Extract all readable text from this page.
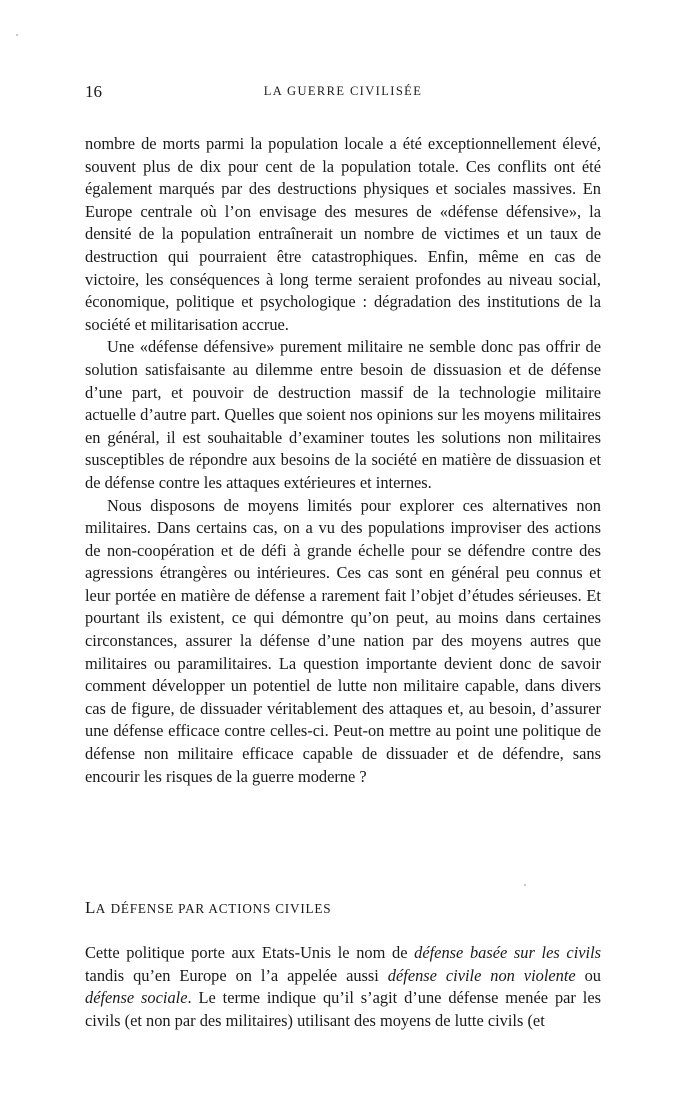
16	LA GUERRE CIVILISÉE

nombre de morts parmi la population locale a été exceptionnellement élevé, souvent plus de dix pour cent de la population totale. Ces conflits ont été également marqués par des destructions physiques et sociales massives. En Europe centrale où l’on envisage des mesures de «défense défensive», la densité de la population entraînerait un nombre de victimes et un taux de destruction qui pourraient être catastrophiques. Enfin, même en cas de victoire, les conséquences à long terme seraient profondes au niveau social, économique, politique et psychologique : dégradation des institutions de la société et militarisation accrue.

Une «défense défensive» purement militaire ne semble donc pas offrir de solution satisfaisante au dilemme entre besoin de dissuasion et de défense d’une part, et pouvoir de destruction massif de la technologie militaire actuelle d’autre part. Quelles que soient nos opinions sur les moyens militaires en général, il est souhaitable d’examiner toutes les solutions non militaires susceptibles de répondre aux besoins de la société en matière de dissuasion et de défense contre les attaques extérieures et internes.

Nous disposons de moyens limités pour explorer ces alternatives non militaires. Dans certains cas, on a vu des populations improviser des actions de non-coopération et de défi à grande échelle pour se défendre contre des agressions étrangères ou intérieures. Ces cas sont en général peu connus et leur portée en matière de défense a rarement fait l’objet d’études sérieuses. Et pourtant ils existent, ce qui démontre qu’on peut, au moins dans certaines circonstances, assurer la défense d’une nation par des moyens autres que militaires ou paramilitaires. La question importante devient donc de savoir comment développer un potentiel de lutte non militaire capable, dans divers cas de figure, de dissuader véritablement des attaques et, au besoin, d’assurer une défense efficace contre celles-ci. Peut-on mettre au point une politique de défense non militaire efficace capable de dissuader et de défendre, sans encourir les risques de la guerre moderne ?

LA DÉFENSE PAR ACTIONS CIVILES

Cette politique porte aux Etats-Unis le nom de défense basée sur les civils tandis qu’en Europe on l’a appelée aussi défense civile non violente ou défense sociale. Le terme indique qu’il s’agit d’une défense menée par les civils (et non par des militaires) utilisant des moyens de lutte civils (et
